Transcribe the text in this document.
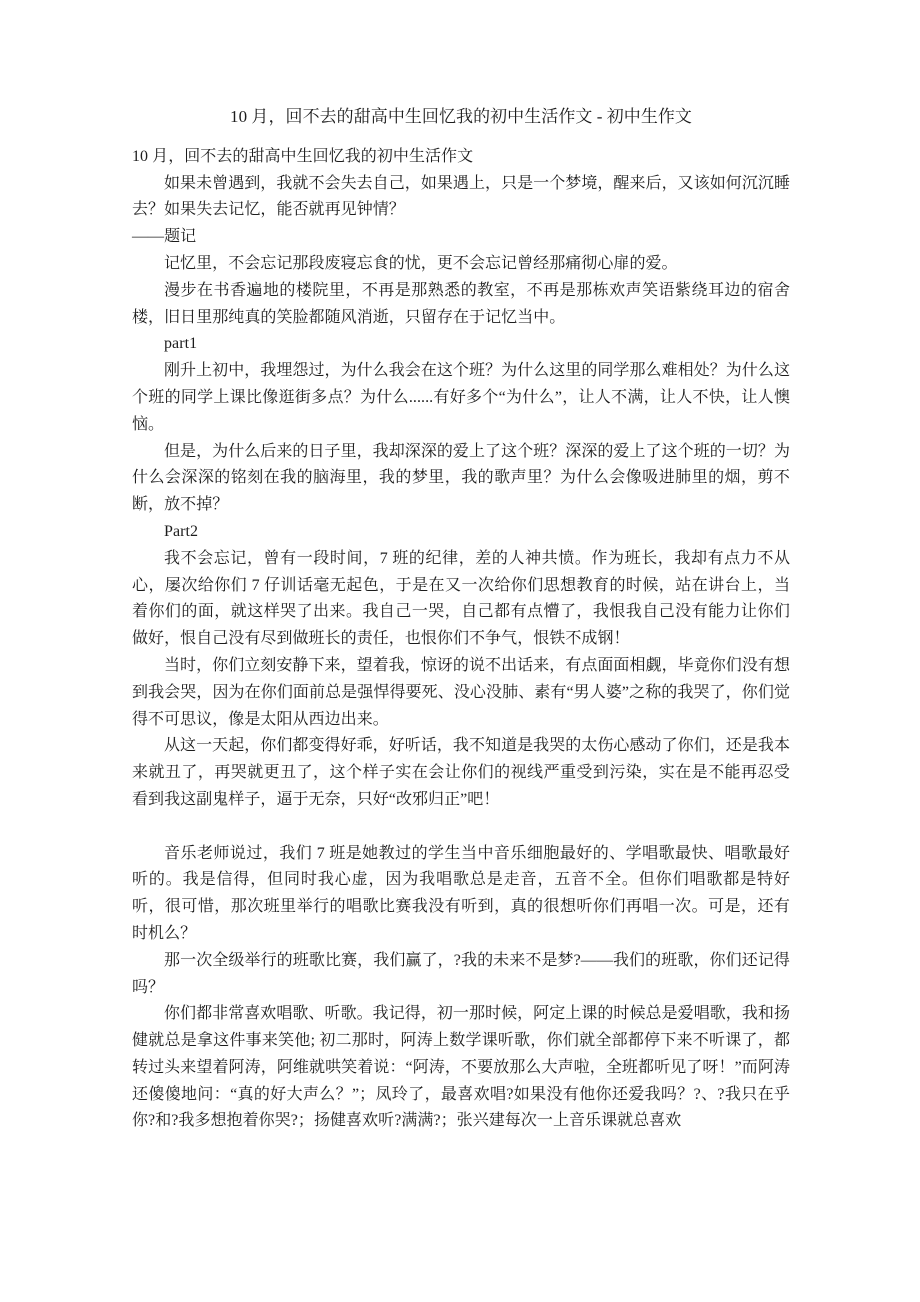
10 月，回不去的甜高中生回忆我的初中生活作文 - 初中生作文

10 月，回不去的甜高中生回忆我的初中生活作文

如果未曾遇到，我就不会失去自己，如果遇上，只是一个梦境，醒来后，又该如何沉沉睡去？如果失去记忆，能否就再见钟情？

——题记

记忆里，不会忘记那段废寝忘食的忧，更不会忘记曾经那痛彻心扉的爱。

漫步在书香遍地的楼院里，不再是那熟悉的教室，不再是那栋欢声笑语紫绕耳边的宿舍楼，旧日里那纯真的笑脸都随风消逝，只留存在于记忆当中。

part1

刚升上初中，我埋怨过，为什么我会在这个班？为什么这里的同学那么难相处？为什么这个班的同学上课比像逛街多点？为什么......有好多个“为什么”，让人不满，让人不快，让人懊恼。

但是，为什么后来的日子里，我却深深的爱上了这个班？深深的爱上了这个班的一切？为什么会深深的铭刻在我的脑海里，我的梦里，我的歌声里？为什么会像吸进肺里的烟，剪不断，放不掉？

Part2

我不会忘记，曾有一段时间，7 班的纪律，差的人神共愤。作为班长，我却有点力不从心，屡次给你们 7 仔训话毫无起色，于是在又一次给你们思想教育的时候，站在讲台上，当着你们的面，就这样哭了出来。我自己一哭，自己都有点懵了，我恨我自己没有能力让你们做好，恨自己没有尽到做班长的责任，也恨你们不争气，恨铁不成钢！

当时，你们立刻安静下来，望着我，惊讶的说不出话来，有点面面相觑，毕竟你们没有想到我会哭，因为在你们面前总是强悍得要死、没心没肺、素有“男人婆”之称的我哭了，你们觉得不可思议，像是太阳从西边出来。

从这一天起，你们都变得好乖，好听话，我不知道是我哭的太伤心感动了你们，还是我本来就丑了，再哭就更丑了，这个样子实在会让你们的视线严重受到污染，实在是不能再忍受看到我这副鬼样子，逼于无奈，只好“改邪归正”吧！

音乐老师说过，我们 7 班是她教过的学生当中音乐细胞最好的、学唱歌最快、唱歌最好听的。我是信得，但同时我心虚，因为我唱歌总是走音，五音不全。但你们唱歌都是特好听，很可惜，那次班里举行的唱歌比赛我没有听到，真的很想听你们再唱一次。可是，还有时机么？

那一次全级举行的班歌比赛，我们赢了，?我的未来不是梦?——我们的班歌，你们还记得吗？

你们都非常喜欢唱歌、听歌。我记得，初一那时候，阿定上课的时候总是爱唱歌，我和扬健就总是拿这件事来笑他; 初二那时，阿涛上数学课听歌，你们就全部都停下来不听课了，都转过头来望着阿涛，阿维就哄笑着说：“阿涛，不要放那么大声啦，全班都听见了呀！”而阿涛还傻傻地问：“真的好大声么？”；凤玲了，最喜欢唱?如果没有他你还爱我吗？?、?我只在乎你?和?我多想抱着你哭?；扬健喜欢听?满满?；张兴建每次一上音乐课就总喜欢
